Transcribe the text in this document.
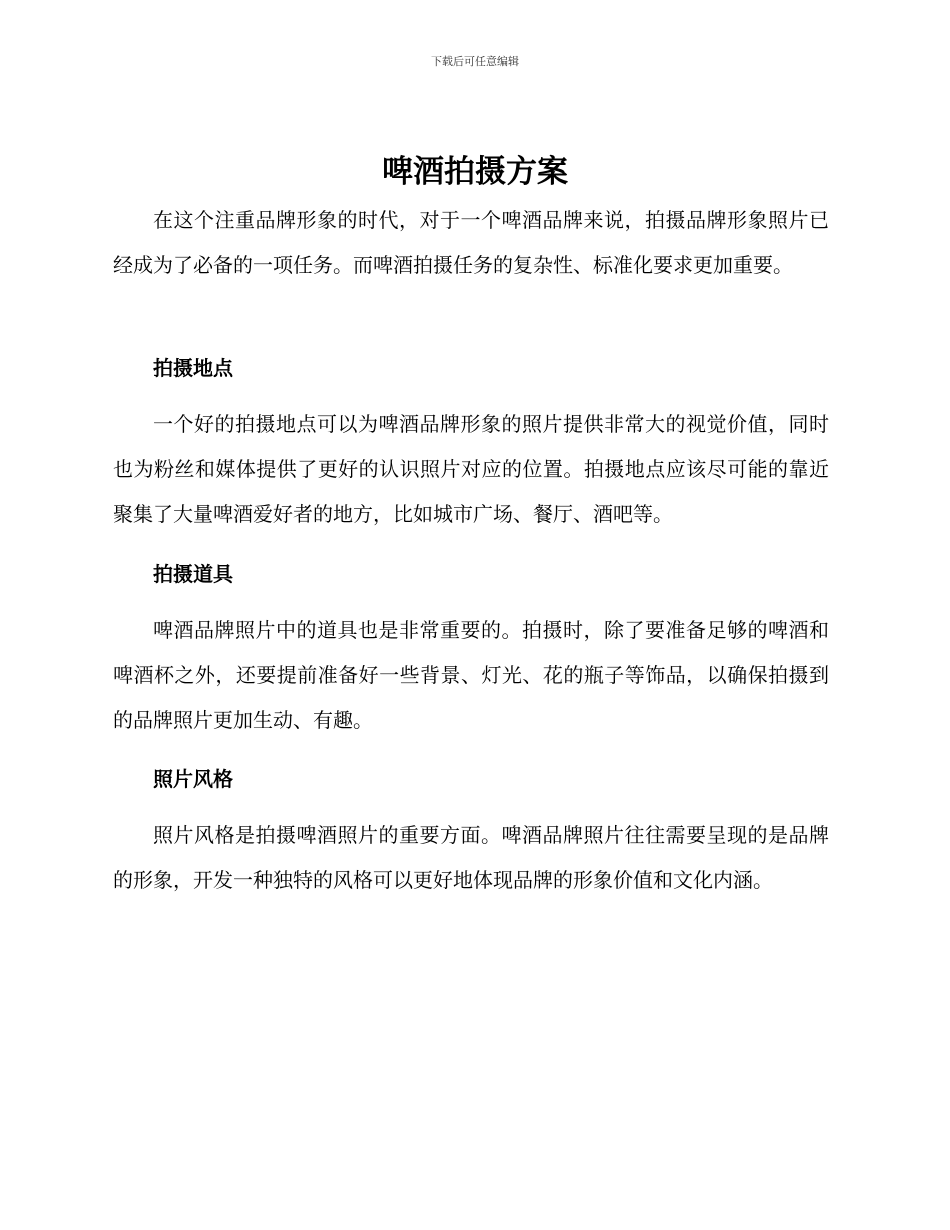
下载后可任意编辑
啤酒拍摄方案

在这个注重品牌形象的时代，对于一个啤酒品牌来说，拍摄品牌形象照片已经成为了必备的一项任务。而啤酒拍摄任务的复杂性、标准化要求更加重要。

拍摄地点

一个好的拍摄地点可以为啤酒品牌形象的照片提供非常大的视觉价值，同时也为粉丝和媒体提供了更好的认识照片对应的位置。拍摄地点应该尽可能的靠近聚集了大量啤酒爱好者的地方，比如城市广场、餐厅、酒吧等。

拍摄道具

啤酒品牌照片中的道具也是非常重要的。拍摄时，除了要准备足够的啤酒和啤酒杯之外，还要提前准备好一些背景、灯光、花的瓶子等饰品，以确保拍摄到的品牌照片更加生动、有趣。

照片风格

照片风格是拍摄啤酒照片的重要方面。啤酒品牌照片往往需要呈现的是品牌的形象，开发一种独特的风格可以更好地体现品牌的形象价值和文化内涵。
